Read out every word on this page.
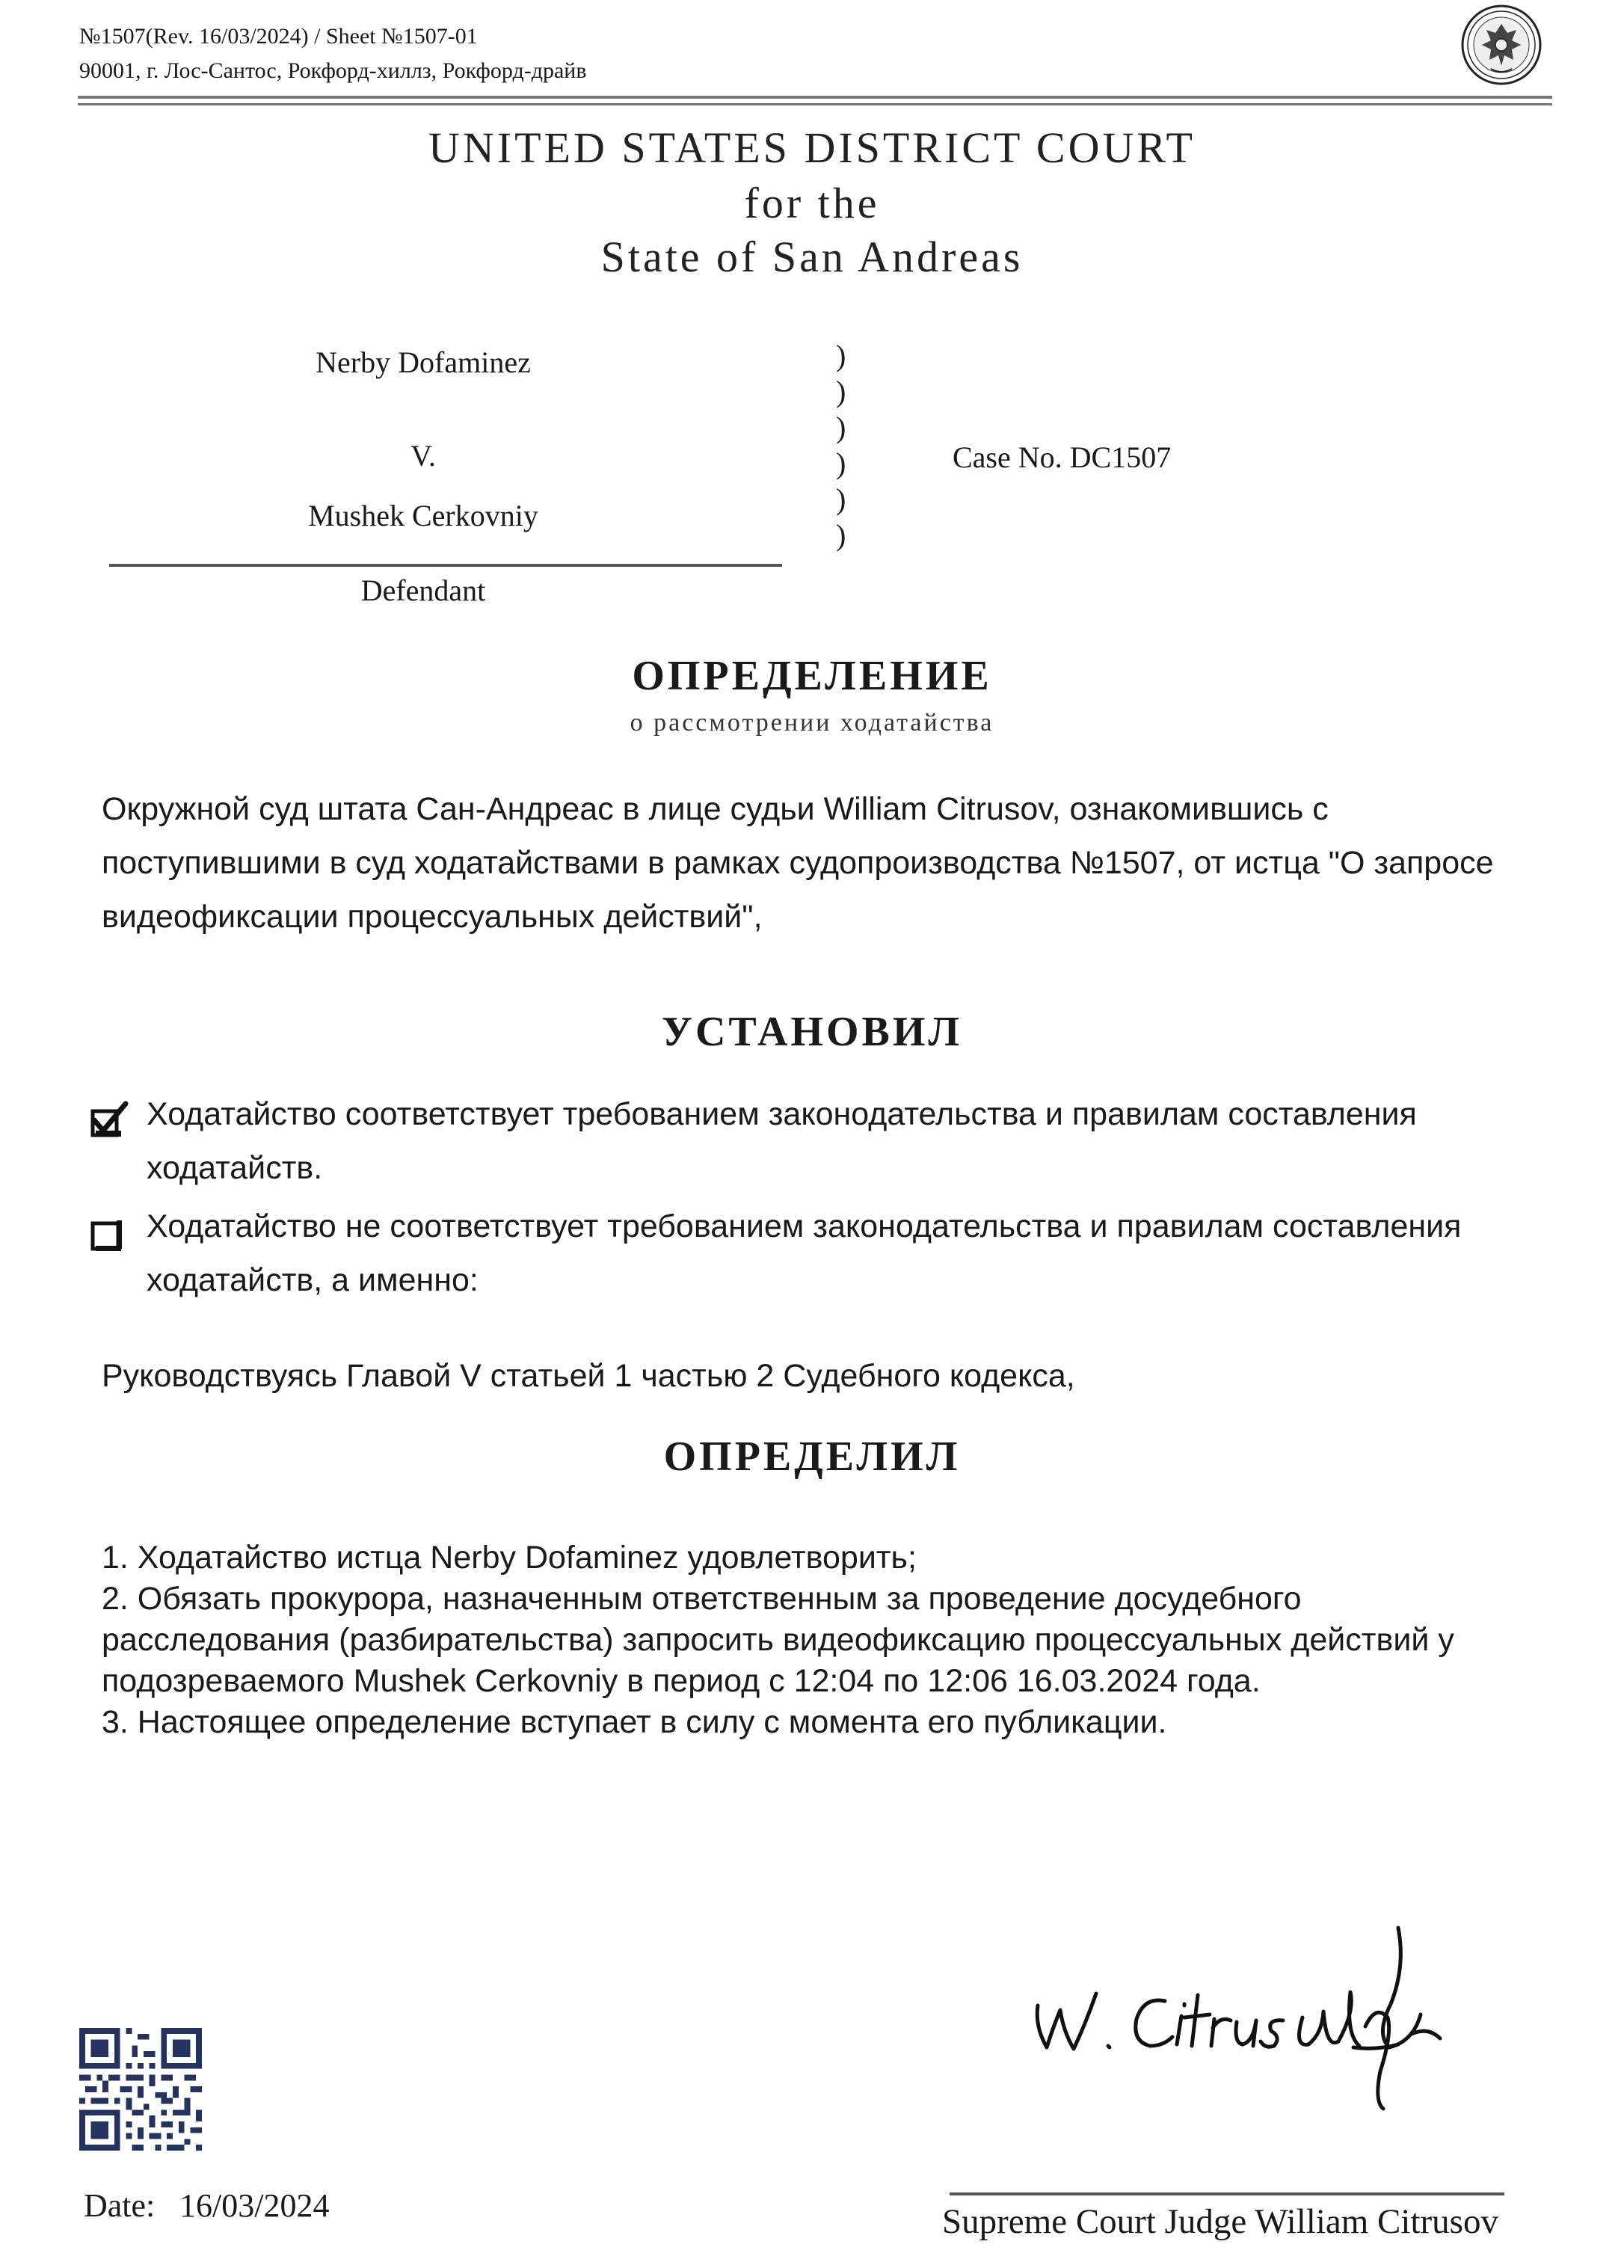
№1507(Rev. 16/03/2024) / Sheet №1507-01
90001, г. Лос-Сантос, Рокфорд-хиллз, Рокфорд-драйв
UNITED STATES DISTRICT COURT
for the
State of San Andreas
Nerby Dofaminez
V.
Mushek Cerkovniy
Defendant
)
)
)
)
)
)
Case No. DC1507
ОПРЕДЕЛЕНИЕ
о рассмотрении ходатайства
Окружной суд штата Сан-Андреас в лице судьи William Citrusov, ознакомившись с
поступившими в суд ходатайствами в рамках судопроизводства №1507, от истца "О запросе
видеофиксации процессуальных действий",
УСТАНОВИЛ
Ходатайство соответствует требованием законодательства и правилам составления
ходатайств.
Ходатайство не соответствует требованием законодательства и правилам составления
ходатайств, а именно:
Руководствуясь Главой V статьей 1 частью 2 Судебного кодекса,
ОПРЕДЕЛИЛ
1. Ходатайство истца Nerby Dofaminez удовлетворить;
2. Обязать прокурора, назначенным ответственным за проведение досудебного
расследования (разбирательства) запросить видеофиксацию процессуальных действий у
подозреваемого Mushek Cerkovniy в период с 12:04 по 12:06 16.03.2024 года.
3. Настоящее определение вступает в силу с момента его публикации.
Date: 16/03/2024	Supreme Court Judge William Citrusov
